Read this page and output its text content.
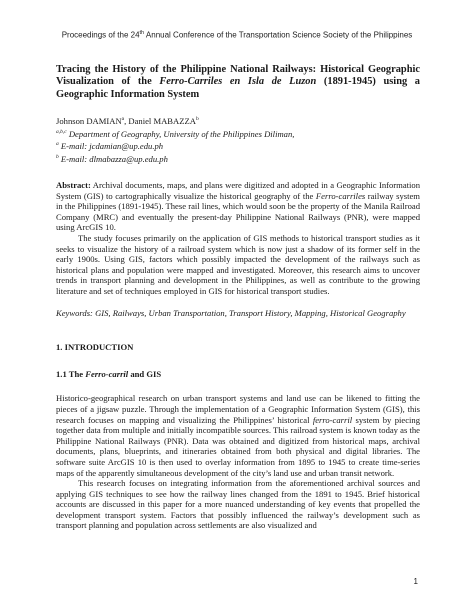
Proceedings of the 24th Annual Conference of the Transportation Science Society of the Philippines
Tracing the History of the Philippine National Railways: Historical Geographic Visualization of the Ferro-Carriles en Isla de Luzon (1891-1945) using a Geographic Information System

Johnson DAMIAN$^a$, Daniel MABAZZA$^b$

$^{a,b,c}$ Department of Geography, University of the Philippines Diliman,

$^a$ E-mail: jcdamian@up.edu.ph

$^b$ E-mail: dlmabazza@up.edu.ph

Abstract: Archival documents, maps, and plans were digitized and adopted in a Geographic Information System (GIS) to cartographically visualize the historical geography of the Ferro-carriles railway system in the Philippines (1891-1945). These rail lines, which would soon be the property of the Manila Railroad Company (MRC) and eventually the present-day Philippine National Railways (PNR), were mapped using ArcGIS 10.

The study focuses primarily on the application of GIS methods to historical transport studies as it seeks to visualize the history of a railroad system which is now just a shadow of its former self in the early 1900s. Using GIS, factors which possibly impacted the development of the railways such as historical plans and population were mapped and investigated. Moreover, this research aims to uncover trends in transport planning and development in the Philippines, as well as contribute to the growing literature and set of techniques employed in GIS for historical transport studies.

Keywords: GIS, Railways, Urban Transportation, Transport History, Mapping, Historical Geography
1. INTRODUCTION
1.1 The Ferro-carril and GIS

Historico-geographical research on urban transport systems and land use can be likened to fitting the pieces of a jigsaw puzzle. Through the implementation of a Geographic Information System (GIS), this research focuses on mapping and visualizing the Philippines’ historical ferro-carril system by piecing together data from multiple and initially incompatible sources. This railroad system is known today as the Philippine National Railways (PNR). Data was obtained and digitized from historical maps, archival documents, plans, blueprints, and itineraries obtained from both physical and digital libraries. The software suite ArcGIS 10 is then used to overlay information from 1895 to 1945 to create time-series maps of the apparently simultaneous development of the city’s land use and urban transit network.

This research focuses on integrating information from the aforementioned archival sources and applying GIS techniques to see how the railway lines changed from the 1891 to 1945. Brief historical accounts are discussed in this paper for a more nuanced understanding of key events that propelled the development transport system. Factors that possibly influenced the railway’s development such as transport planning and population across settlements are also visualized and

1
